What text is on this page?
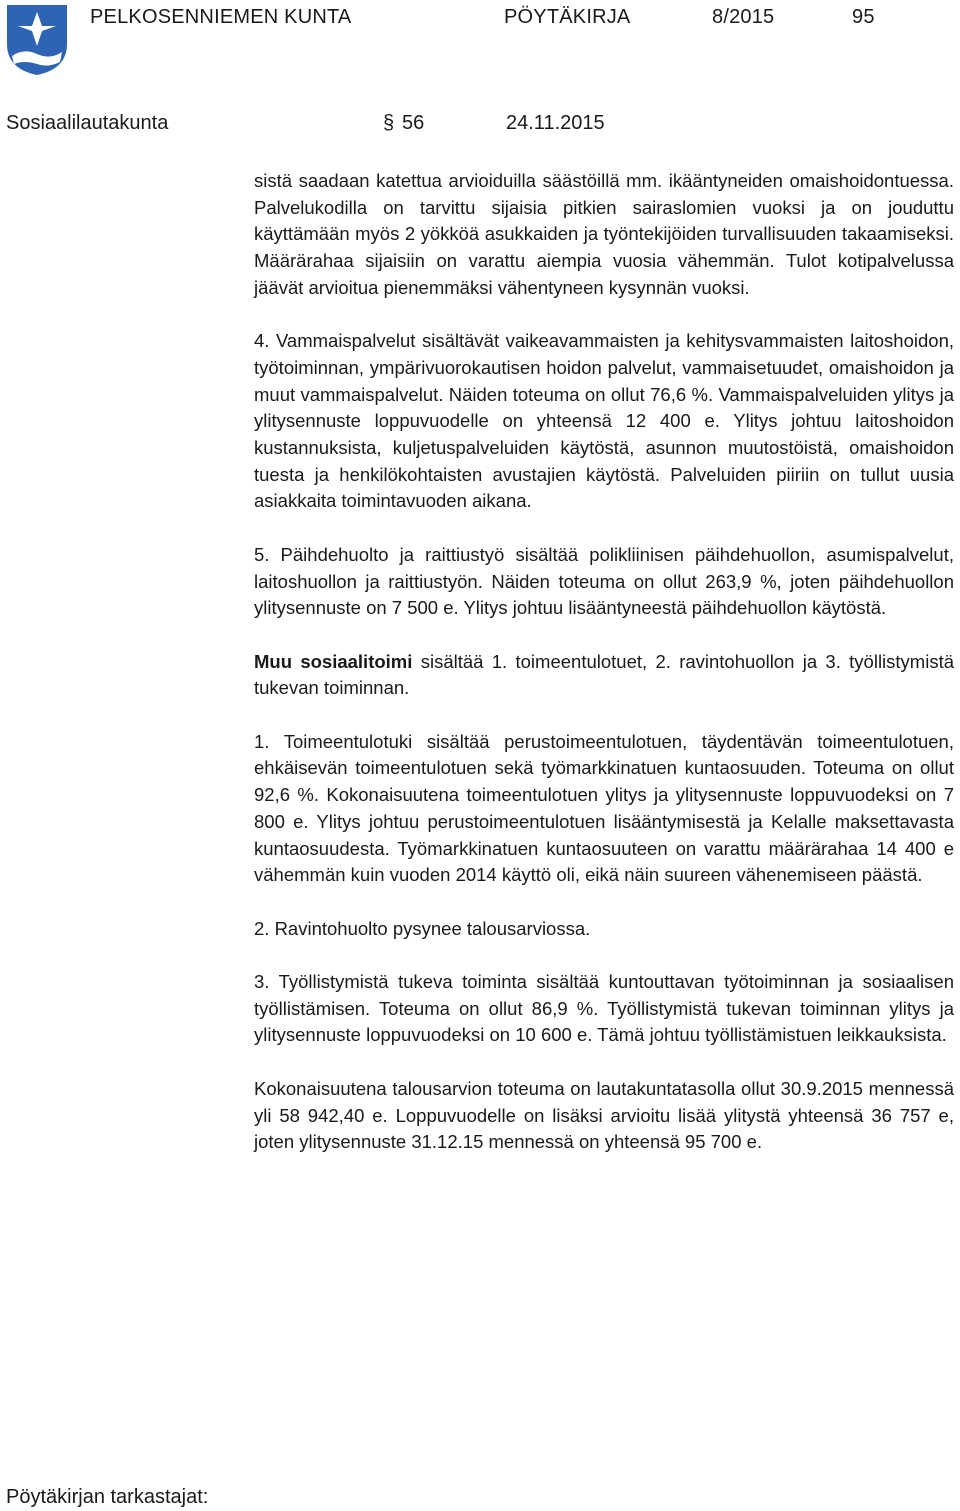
PELKOSENNIEMEN KUNTA	PÖYTÄKIRJA	8/2015	95
Sosiaalilautakunta	§ 56	24.11.2015

sistä saadaan katettua arvioiduilla säästöillä mm. ikääntyneiden omaishoidontuessa. Palvelukodilla on tarvittu sijaisia pitkien sairaslomien vuoksi ja on jouduttu käyttämään myös 2 yökköä asukkaiden ja työntekijöiden turvallisuuden takaamiseksi. Määrärahaa sijaisiin on varattu aiempia vuosia vähemmän. Tulot kotipalvelussa jäävät arvioitua pienemmäksi vähentyneen kysynnän vuoksi.

4. Vammaispalvelut sisältävät vaikeavammaisten ja kehitysvammaisten laitoshoidon, työtoiminnan, ympärivuorokautisen hoidon palvelut, vammaisetuudet, omaishoidon ja muut vammaispalvelut. Näiden toteuma on ollut 76,6 %. Vammaispalveluiden ylitys ja ylitysennuste loppuvuodelle on yhteensä 12 400 e. Ylitys johtuu laitoshoidon kustannuksista, kuljetuspalveluiden käytöstä, asunnon muutostöistä, omaishoidon tuesta ja henkilökohtaisten avustajien käytöstä. Palveluiden piiriin on tullut uusia asiakkaita toimintavuoden aikana.

5. Päihdehuolto ja raittiustyö sisältää polikliinisen päihdehuollon, asumispalvelut, laitoshuollon ja raittiustyön. Näiden toteuma on ollut 263,9 %, joten päihdehuollon ylitysennuste on 7 500 e. Ylitys johtuu lisääntyneestä päihdehuollon käytöstä.

Muu sosiaalitoimi sisältää 1. toimeentulotuet, 2. ravintohuollon ja 3. työllistymistä tukevan toiminnan.

1. Toimeentulotuki sisältää perustoimeentulotuen, täydentävän toimeentulotuen, ehkäisevän toimeentulotuen sekä työmarkkinatuen kuntaosuuden. Toteuma on ollut 92,6 %. Kokonaisuutena toimeentulotuen ylitys ja ylitysennuste loppuvuodeksi on 7 800 e. Ylitys johtuu perustoimeentulotuen lisääntymisestä ja Kelalle maksettavasta kuntaosuudesta. Työmarkkinatuen kuntaosuuteen on varattu määrärahaa 14 400 e vähemmän kuin vuoden 2014 käyttö oli, eikä näin suureen vähenemiseen päästä.

2. Ravintohuolto pysynee talousarviossa.

3. Työllistymistä tukeva toiminta sisältää kuntouttavan työtoiminnan ja sosiaalisen työllistämisen. Toteuma on ollut 86,9 %. Työllistymistä tukevan toiminnan ylitys ja ylitysennuste loppuvuodeksi on 10 600 e. Tämä johtuu työllistämistuen leikkauksista.

Kokonaisuutena talousarvion toteuma on lautakuntatasolla ollut 30.9.2015 mennessä yli 58 942,40 e. Loppuvuodelle on lisäksi arvioitu lisää ylitystä yhteensä 36 757 e, joten ylitysennuste 31.12.15 mennessä on yhteensä 95 700 e.

Pöytäkirjan tarkastajat:
